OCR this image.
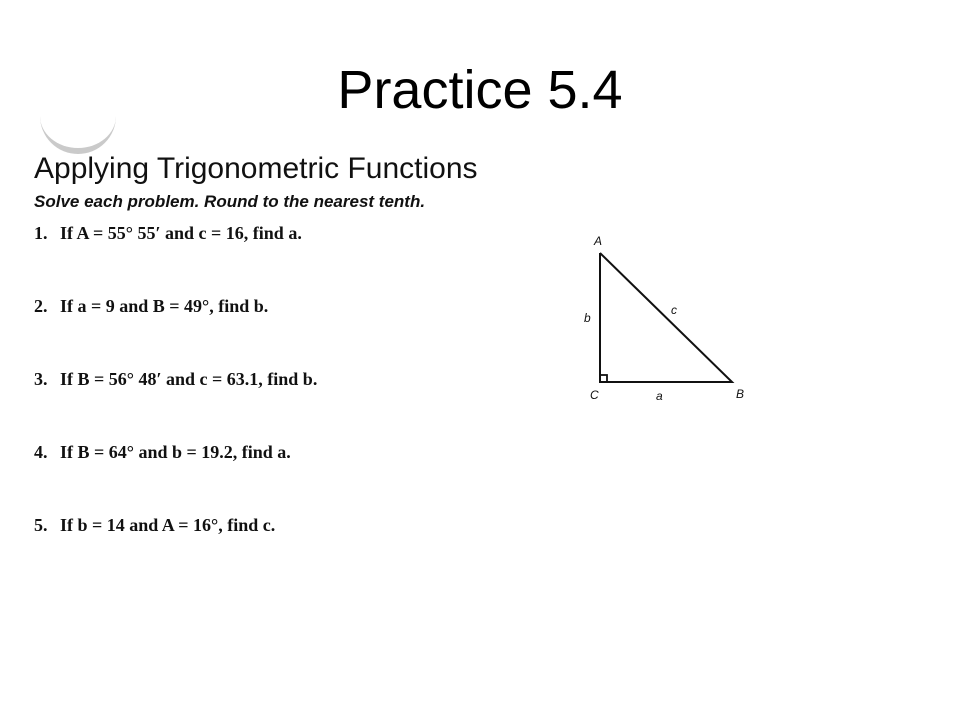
Practice 5.4
Applying Trigonometric Functions
Solve each problem. Round to the nearest tenth.
1. If A = 55° 55′ and c = 16, find a.
2. If a = 9 and B = 49°, find b.
3. If B = 56° 48′ and c = 63.1, find b.
4. If B = 64° and b = 19.2, find a.
5. If b = 14 and A = 16°, find c.
A
B
C	a
b
c
